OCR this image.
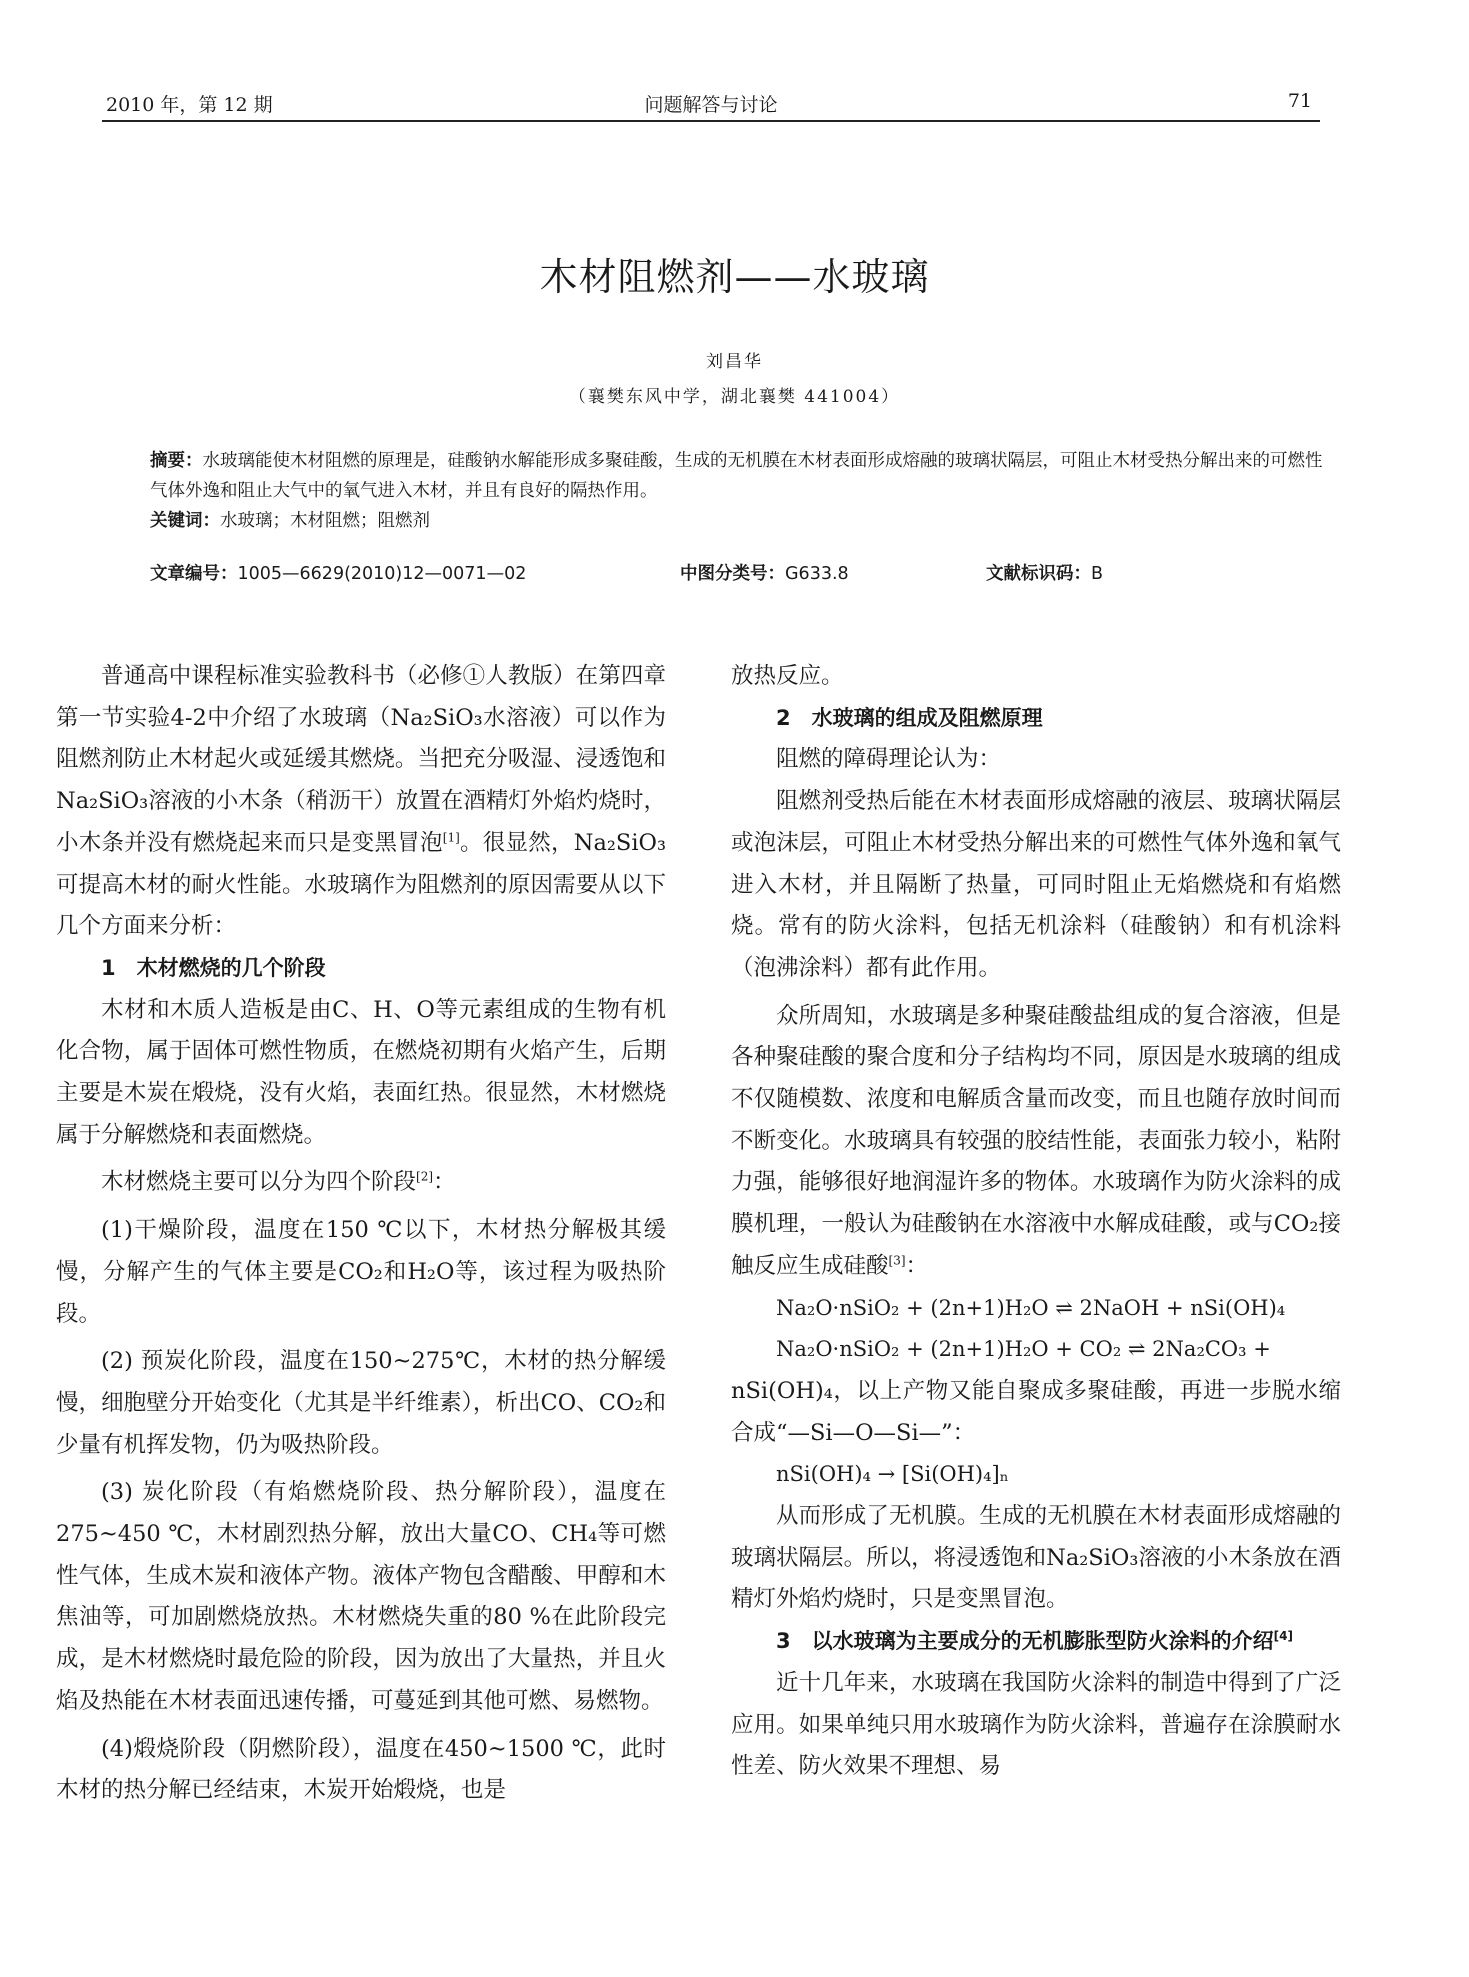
2010 年，第 12 期	问题解答与讨论	71
木材阻燃剂——水玻璃
刘昌华
（襄樊东风中学，湖北襄樊 441004）
摘要：水玻璃能使木材阻燃的原理是，硅酸钠水解能形成多聚硅酸，生成的无机膜在木材表面形成熔融的玻璃状隔层，可阻止木材受热分解出来的可燃性气体外逸和阻止大气中的氧气进入木材，并且有良好的隔热作用。
关键词：水玻璃；木材阻燃；阻燃剂
文章编号：1005—6629(2010)12—0071—02	中图分类号：G633.8	文献标识码：B

普通高中课程标准实验教科书（必修①人教版）在第四章第一节实验4-2中介绍了水玻璃（Na₂SiO₃水溶液）可以作为阻燃剂防止木材起火或延缓其燃烧。当把充分吸湿、浸透饱和Na₂SiO₃溶液的小木条（稍沥干）放置在酒精灯外焰灼烧时，小木条并没有燃烧起来而只是变黑冒泡[1]。很显然，Na₂SiO₃可提高木材的耐火性能。水玻璃作为阻燃剂的原因需要从以下几个方面来分析：

1　木材燃烧的几个阶段

木材和木质人造板是由C、H、O等元素组成的生物有机化合物，属于固体可燃性物质，在燃烧初期有火焰产生，后期主要是木炭在煅烧，没有火焰，表面红热。很显然，木材燃烧属于分解燃烧和表面燃烧。

木材燃烧主要可以分为四个阶段[2]：

(1)干燥阶段，温度在150 ℃以下，木材热分解极其缓慢，分解产生的气体主要是CO₂和H₂O等，该过程为吸热阶段。

(2) 预炭化阶段，温度在150~275℃，木材的热分解缓慢，细胞壁分开始变化（尤其是半纤维素），析出CO、CO₂和少量有机挥发物，仍为吸热阶段。

(3) 炭化阶段（有焰燃烧阶段、热分解阶段），温度在275~450 ℃，木材剧烈热分解，放出大量CO、CH₄等可燃性气体，生成木炭和液体产物。液体产物包含醋酸、甲醇和木焦油等，可加剧燃烧放热。木材燃烧失重的80 %在此阶段完成，是木材燃烧时最危险的阶段，因为放出了大量热，并且火焰及热能在木材表面迅速传播，可蔓延到其他可燃、易燃物。

(4)煅烧阶段（阴燃阶段），温度在450~1500 ℃，此时木材的热分解已经结束，木炭开始煅烧，也是

放热反应。

2　水玻璃的组成及阻燃原理

阻燃的障碍理论认为：

阻燃剂受热后能在木材表面形成熔融的液层、玻璃状隔层或泡沫层，可阻止木材受热分解出来的可燃性气体外逸和氧气进入木材，并且隔断了热量，可同时阻止无焰燃烧和有焰燃烧。常有的防火涂料，包括无机涂料（硅酸钠）和有机涂料（泡沸涂料）都有此作用。

众所周知，水玻璃是多种聚硅酸盐组成的复合溶液，但是各种聚硅酸的聚合度和分子结构均不同，原因是水玻璃的组成不仅随模数、浓度和电解质含量而改变，而且也随存放时间而不断变化。水玻璃具有较强的胶结性能，表面张力较小，粘附力强，能够很好地润湿许多的物体。水玻璃作为防火涂料的成膜机理，一般认为硅酸钠在水溶液中水解成硅酸，或与CO₂接触反应生成硅酸[3]：

Na₂O·nSiO₂ + (2n+1)H₂O ⇌ 2NaOH + nSi(OH)₄

Na₂O·nSiO₂ + (2n+1)H₂O + CO₂ ⇌ 2Na₂CO₃ +

nSi(OH)₄，以上产物又能自聚成多聚硅酸，再进一步脱水缩合成“—Si—O—Si—”：

nSi(OH)₄ → [Si(OH)₄]ₙ

从而形成了无机膜。生成的无机膜在木材表面形成熔融的玻璃状隔层。所以，将浸透饱和Na₂SiO₃溶液的小木条放在酒精灯外焰灼烧时，只是变黑冒泡。

3　以水玻璃为主要成分的无机膨胀型防火涂料的介绍[4]

近十几年来，水玻璃在我国防火涂料的制造中得到了广泛应用。如果单纯只用水玻璃作为防火涂料，普遍存在涂膜耐水性差、防火效果不理想、易
